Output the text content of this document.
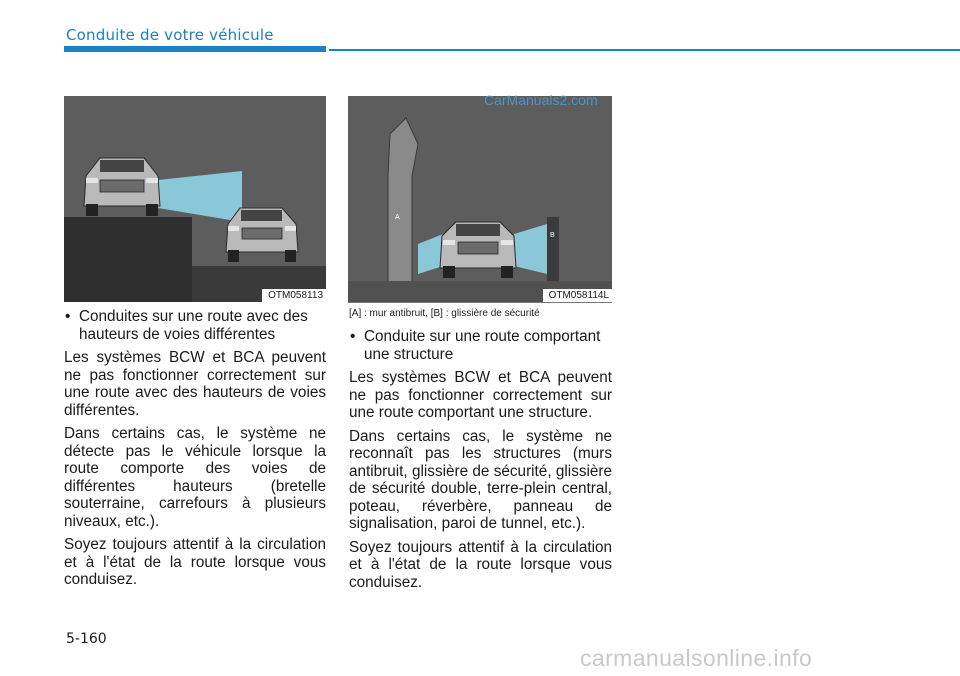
Conduite de votre véhicule
OTM058113
A
B
OTM058114L
• Conduites sur une route avec des hauteurs de voies différentes

Les systèmes BCW et BCA peuvent ne pas fonctionner correctement sur une route avec des hauteurs de voies différentes.

Dans certains cas, le système ne détecte pas le véhicule lorsque la route comporte des voies de différentes hauteurs (bretelle souterraine, carrefours à plusieurs niveaux, etc.).

Soyez toujours attentif à la circulation et à l'état de la route lorsque vous conduisez.

[A] : mur antibruit, [B] : glissière de sécurité
• Conduite sur une route comportant une structure

Les systèmes BCW et BCA peuvent ne pas fonctionner correctement sur une route comportant une structure.

Dans certains cas, le système ne reconnaît pas les structures (murs antibruit, glissière de sécurité, glissière de sécurité double, terre-plein central, poteau, réverbère, panneau de signalisation, paroi de tunnel, etc.).

Soyez toujours attentif à la circulation et à l'état de la route lorsque vous conduisez.

5-160
CarManuals2.com
carmanualsonline.info
